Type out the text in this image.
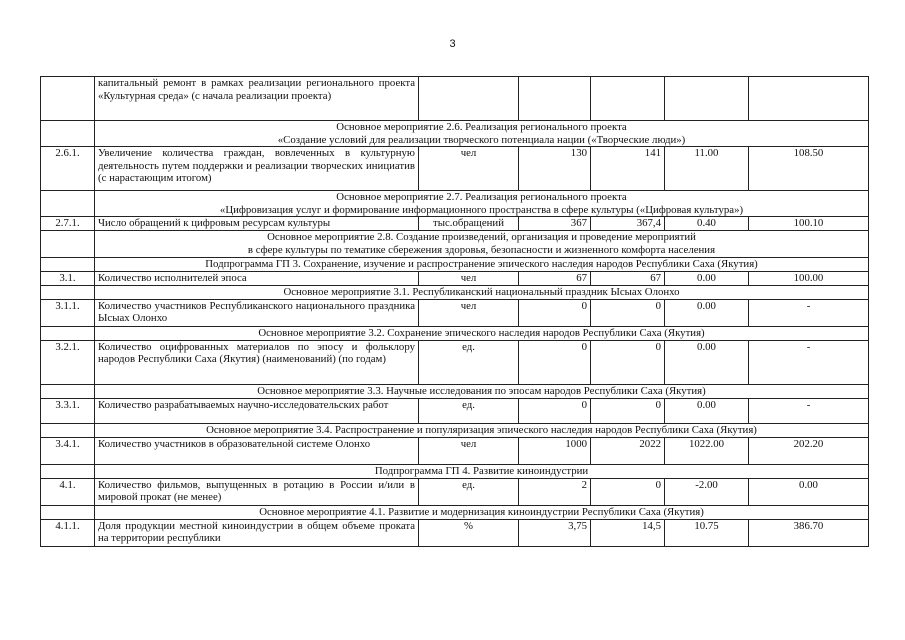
3
	капитальный ремонт в рамках реализации регионального проекта «Культурная среда» (с начала реализации проекта)					
	Основное мероприятие 2.6. Реализация регионального проекта
«Создание условий для реализации творческого потенциала нации («Творческие люди»)					
2.6.1.	Увеличение количества граждан, вовлеченных в культурную деятельность путем поддержки и реализации творческих инициатив (с нарастающим итогом)	чел	130	141	11.00	108.50
	Основное мероприятие 2.7. Реализация регионального проекта
«Цифровизация услуг и формирование информационного пространства в сфере культуры («Цифровая культура»)					
2.7.1.	Число обращений к цифровым ресурсам культуры	тыс.обращений	367	367,4	0.40	100.10
	Основное мероприятие 2.8. Создание произведений, организация и проведение мероприятий
в сфере культуры по тематике сбережения здоровья, безопасности и жизненного комфорта населения					
	Подпрограмма ГП 3. Сохранение, изучение и распространение эпического наследия народов Республики Саха (Якутия)					
3.1.	Количество исполнителей эпоса	чел	67	67	0.00	100.00
	Основное мероприятие 3.1. Республиканский национальный праздник Ысыах Олонхо					
3.1.1.	Количество участников Республиканского национального праздника Ысыах Олонхо	чел	0	0	0.00	-
	Основное мероприятие 3.2. Сохранение эпического наследия народов Республики Саха (Якутия)					
3.2.1.	Количество оцифрованных материалов по эпосу и фольклору народов Республики Саха (Якутия) (наименований) (по годам)	ед.	0	0	0.00	-
	Основное мероприятие 3.3. Научные исследования по эпосам народов Республики Саха (Якутия)					
3.3.1.	Количество разрабатываемых научно-исследовательских работ	ед.	0	0	0.00	-
	Основное мероприятие 3.4. Распространение и популяризация эпического наследия народов Республики Саха (Якутия)					
3.4.1.	Количество участников в образовательной системе Олонхо	чел	1000	2022	1022.00	202.20
	Подпрограмма ГП 4. Развитие киноиндустрии					
4.1.	Количество фильмов, выпущенных в ротацию в России и/или в мировой прокат (не менее)	ед.	2	0	-2.00	0.00
	Основное мероприятие 4.1. Развитие и модернизация киноиндустрии Республики Саха (Якутия)					
4.1.1.	Доля продукции местной киноиндустрии в общем объеме проката на территории республики	%	3,75	14,5	10.75	386.70
